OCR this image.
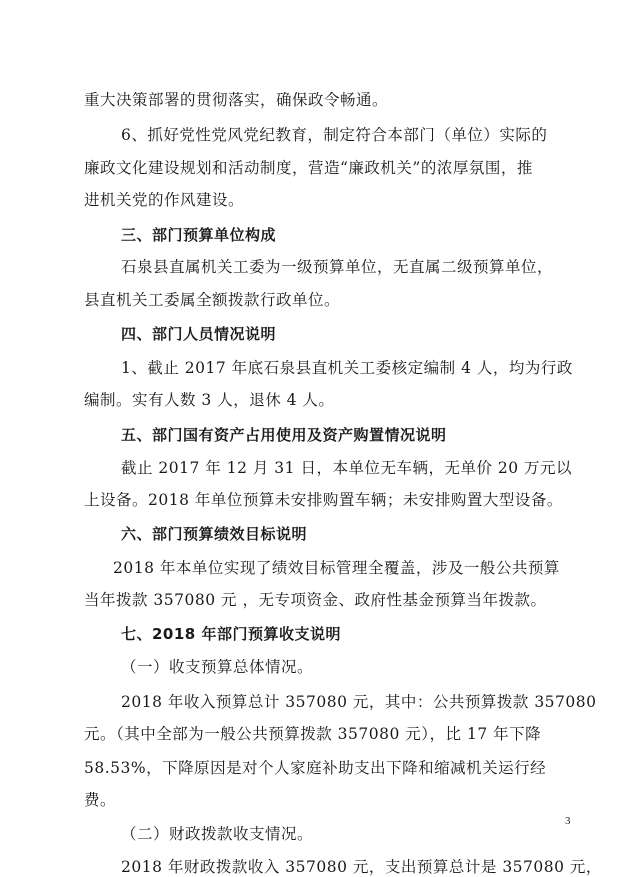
重大决策部署的贯彻落实，确保政令畅通。
6、抓好党性党风党纪教育，制定符合本部门（单位）实际的
廉政文化建设规划和活动制度，营造“廉政机关”的浓厚氛围，推
进机关党的作风建设。
三、部门预算单位构成
石泉县直属机关工委为一级预算单位，无直属二级预算单位，
县直机关工委属全额拨款行政单位。
四、部门人员情况说明
1、截止 2017 年底石泉县直机关工委核定编制 4 人，均为行政
编制。实有人数 3 人，退休 4 人。
五、部门国有资产占用使用及资产购置情况说明
截止 2017 年 12 月 31 日，本单位无车辆，无单价 20 万元以
上设备。2018 年单位预算未安排购置车辆；未安排购置大型设备。
六、部门预算绩效目标说明
2018 年本单位实现了绩效目标管理全覆盖，涉及一般公共预算
当年拨款 357080 元 ，无专项资金、政府性基金预算当年拨款。
七、2018 年部门预算收支说明
（一）收支预算总体情况。
2018 年收入预算总计 357080 元，其中：公共预算拨款 357080
元。（其中全部为一般公共预算拨款 357080 元），比 17 年下降
58.53%，下降原因是对个人家庭补助支出下降和缩减机关运行经
费。
（二）财政拨款收支情况。
2018 年财政拨款收入 357080 元，支出预算总计是 357080 元，
3
